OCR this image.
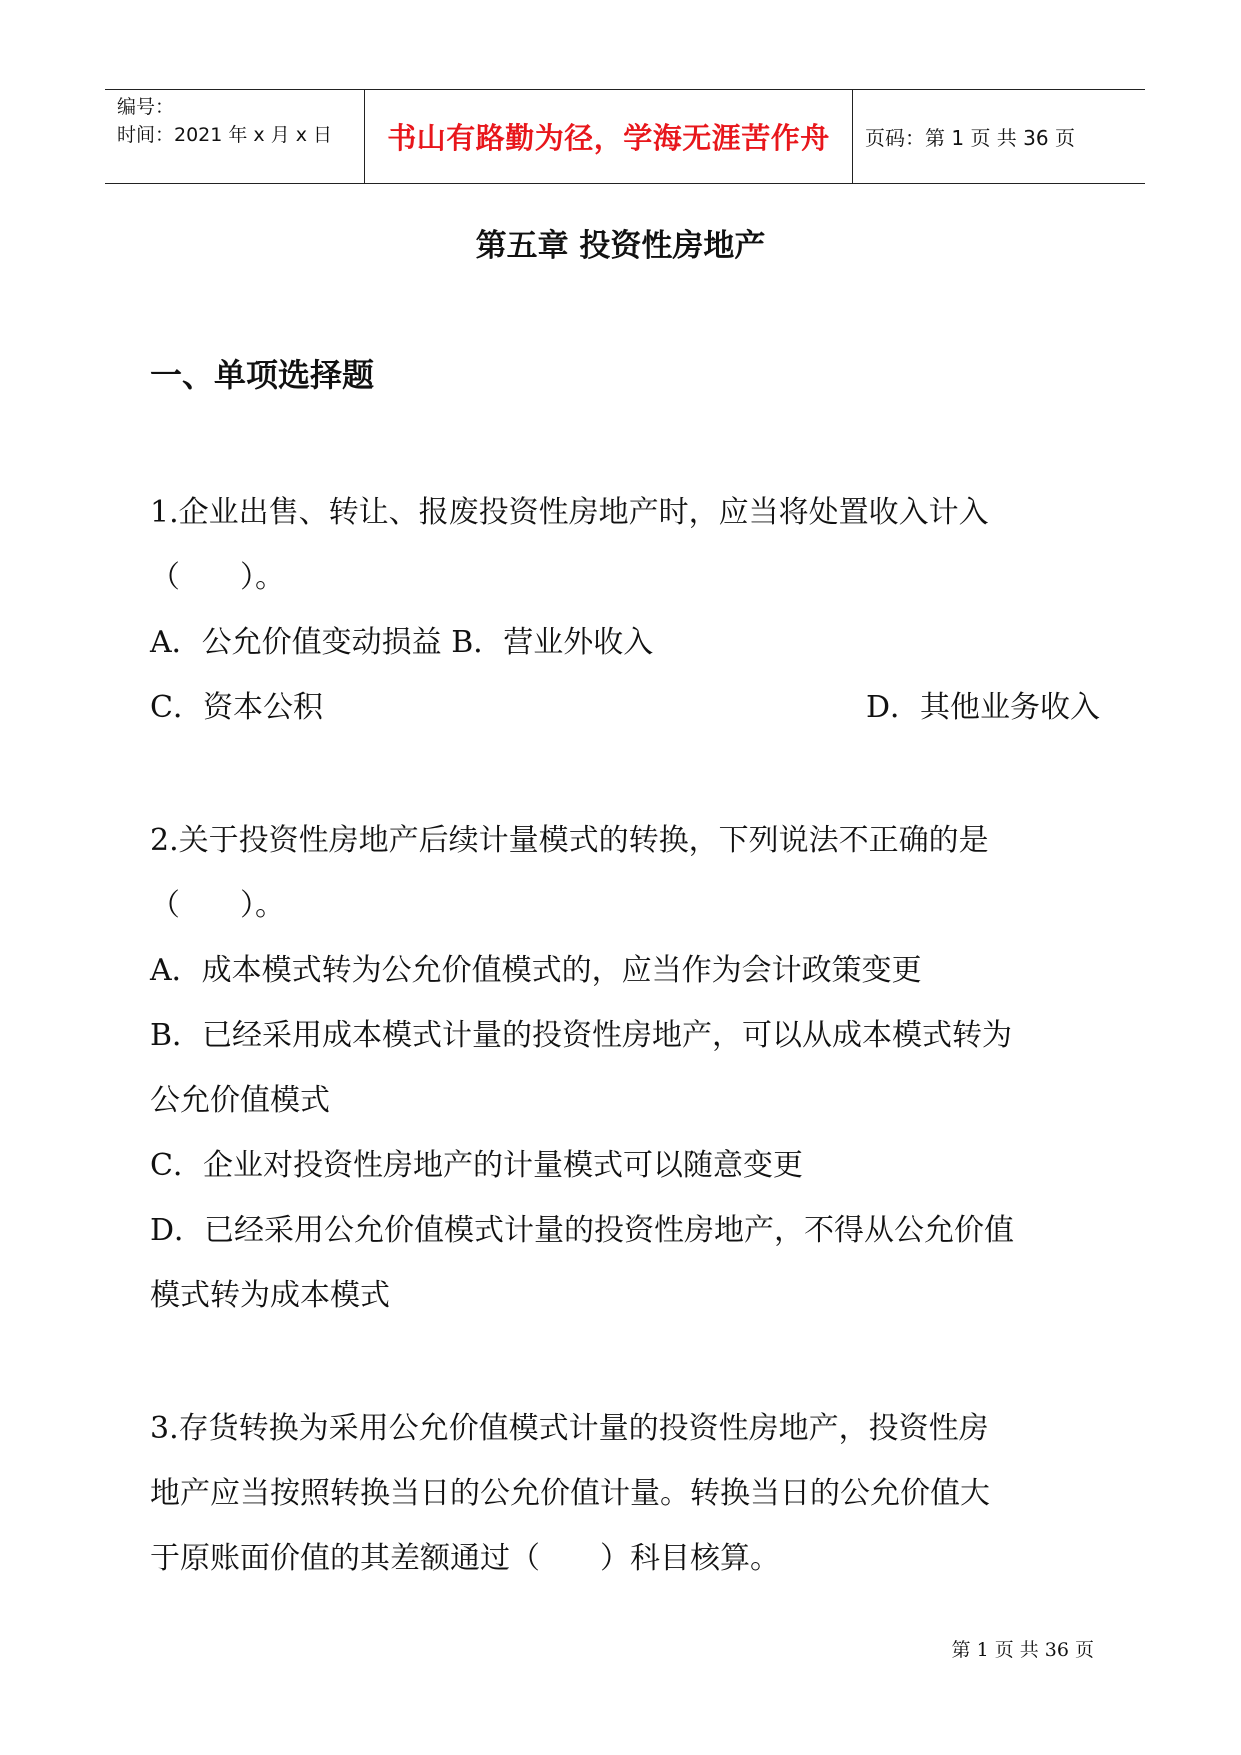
编号：
时间：2021 年 x 月 x 日	书山有路勤为径，学海无涯苦作舟 页码：第 1 页 共 36 页
第五章 投资性房地产
一、单项选择题
1.企业出售、转让、报废投资性房地产时，应当将处置收入计入
（　　）。
A．公允价值变动损益 B．营业外收入
C．资本公积	D．其他业务收入
2.关于投资性房地产后续计量模式的转换，下列说法不正确的是
（　　）。
A．成本模式转为公允价值模式的，应当作为会计政策变更
B．已经采用成本模式计量的投资性房地产，可以从成本模式转为
公允价值模式
C．企业对投资性房地产的计量模式可以随意变更
D．已经采用公允价值模式计量的投资性房地产，不得从公允价值
模式转为成本模式
3.存货转换为采用公允价值模式计量的投资性房地产，投资性房
地产应当按照转换当日的公允价值计量。转换当日的公允价值大
于原账面价值的其差额通过（　　）科目核算。
第 1 页 共 36 页
